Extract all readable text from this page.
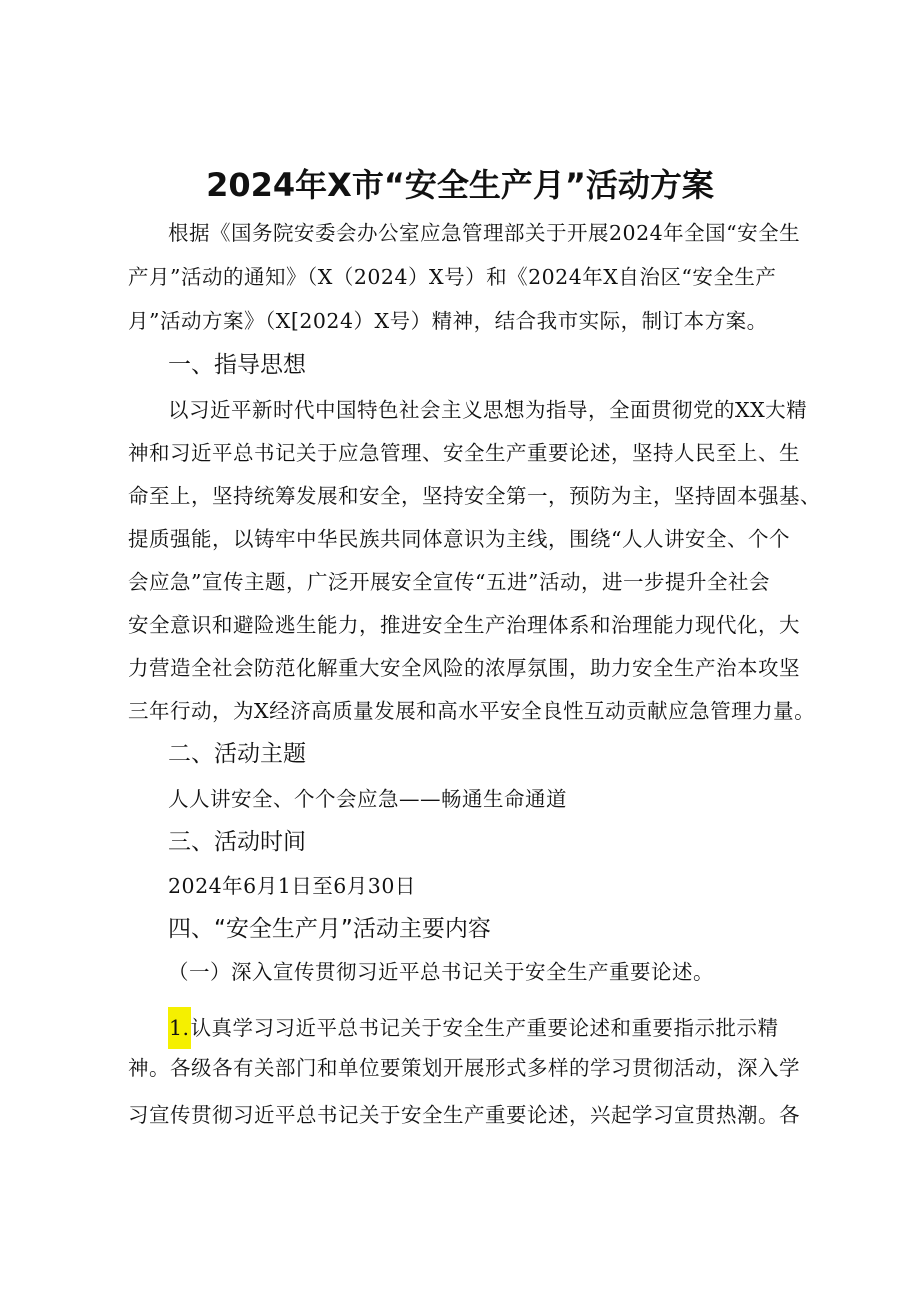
2024年X市“安全生产月”活动方案
根据《国务院安委会办公室应急管理部关于开展2024年全国“安全生
产月”活动的通知》（X（2024）X号）和《2024年X自治区“安全生产
月”活动方案》（X[2024）X号）精神，结合我市实际，制订本方案。
一、指导思想
以习近平新时代中国特色社会主义思想为指导，全面贯彻党的XX大精
神和习近平总书记关于应急管理、安全生产重要论述，坚持人民至上、生
命至上，坚持统筹发展和安全，坚持安全第一，预防为主，坚持固本强基、
提质强能，以铸牢中华民族共同体意识为主线，围绕“人人讲安全、个个
会应急”宣传主题，广泛开展安全宣传“五进”活动，进一步提升全社会
安全意识和避险逃生能力，推进安全生产治理体系和治理能力现代化，大
力营造全社会防范化解重大安全风险的浓厚氛围，助力安全生产治本攻坚
三年行动，为X经济高质量发展和高水平安全良性互动贡献应急管理力量。
二、活动主题
人人讲安全、个个会应急——畅通生命通道
三、活动时间
2024年6月1日至6月30日
四、“安全生产月”活动主要内容
（一）深入宣传贯彻习近平总书记关于安全生产重要论述。
1.认真学习习近平总书记关于安全生产重要论述和重要指示批示精
神。各级各有关部门和单位要策划开展形式多样的学习贯彻活动，深入学
习宣传贯彻习近平总书记关于安全生产重要论述，兴起学习宣贯热潮。各
